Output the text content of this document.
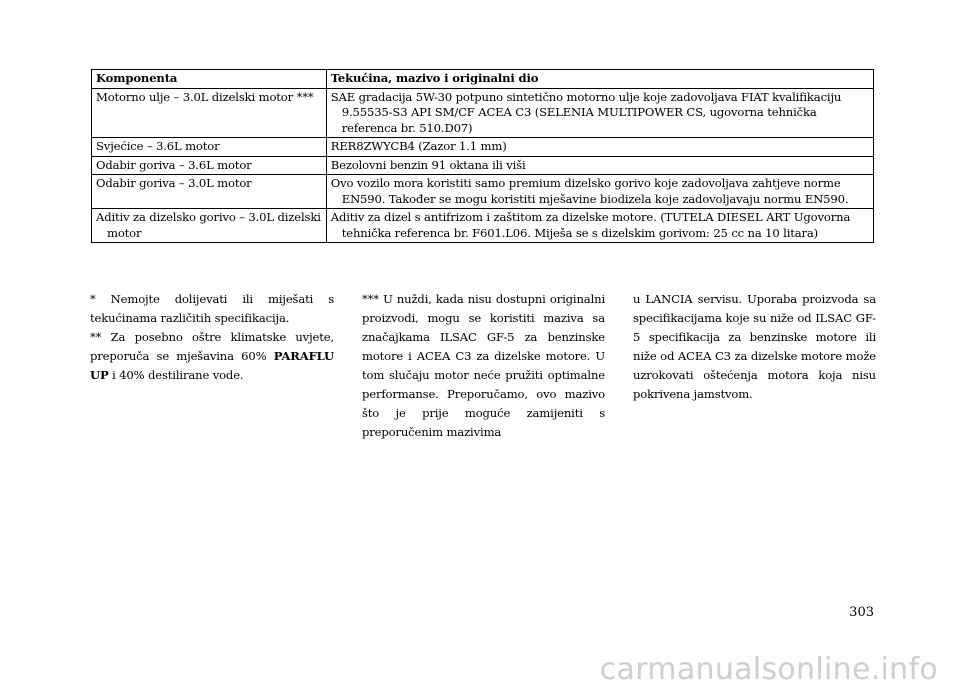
Komponenta	Tekućina, mazivo i originalni dio
Motorno ulje – 3.0L dizelski motor ***	SAE gradacija 5W-30 potpuno sintetično motorno ulje koje zadovoljava FIAT kvalifikaciju 9.55535-S3 API SM/CF ACEA C3 (SELENIA MULTIPOWER CS, ugovorna tehnička referenca br. 510.D07)

Svjećice – 3.6L motor	RER8ZWYCB4 (Zazor 1.1 mm)

Odabir goriva – 3.6L motor	Bezolovni benzin 91 oktana ili viši

Odabir goriva – 3.0L motor	Ovo vozilo mora koristiti samo premium dizelsko gorivo koje zadovoljava zahtjeve norme EN590. Također se mogu koristiti mješavine biodizela koje zadovoljavaju normu EN590.

Aditiv za dizelsko gorivo – 3.0L dizelski motor	Aditiv za dizel s antifrizom i zaštitom za dizelske motore. (TUTELA DIESEL ART Ugovorna tehnička referenca br. F601.L06. Miješa se s dizelskim gorivom: 25 cc na 10 litara)

* Nemojte dolijevati ili miješati s tekućinama različitih specifikacija.

** Za posebno oštre klimatske uvjete, preporuča se mješavina 60% PARAFLU UP i 40% destilirane vode.

*** U nuždi, kada nisu dostupni originalni proizvodi, mogu se koristiti maziva sa značajkama ILSAC GF-5 za benzinske motore i ACEA C3 za dizelske motore. U tom slučaju motor neće pružiti optimalne performanse. Preporučamo, ovo mazivo što je prije moguće zamijeniti s preporučenim mazivima

u LANCIA servisu. Uporaba proizvoda sa specifikacijama koje su niže od ILSAC GF-5 specifikacija za benzinske motore ili niže od ACEA C3 za dizelske motore može uzrokovati oštećenja motora koja nisu pokrivena jamstvom.

303
carmanualsonline.info
